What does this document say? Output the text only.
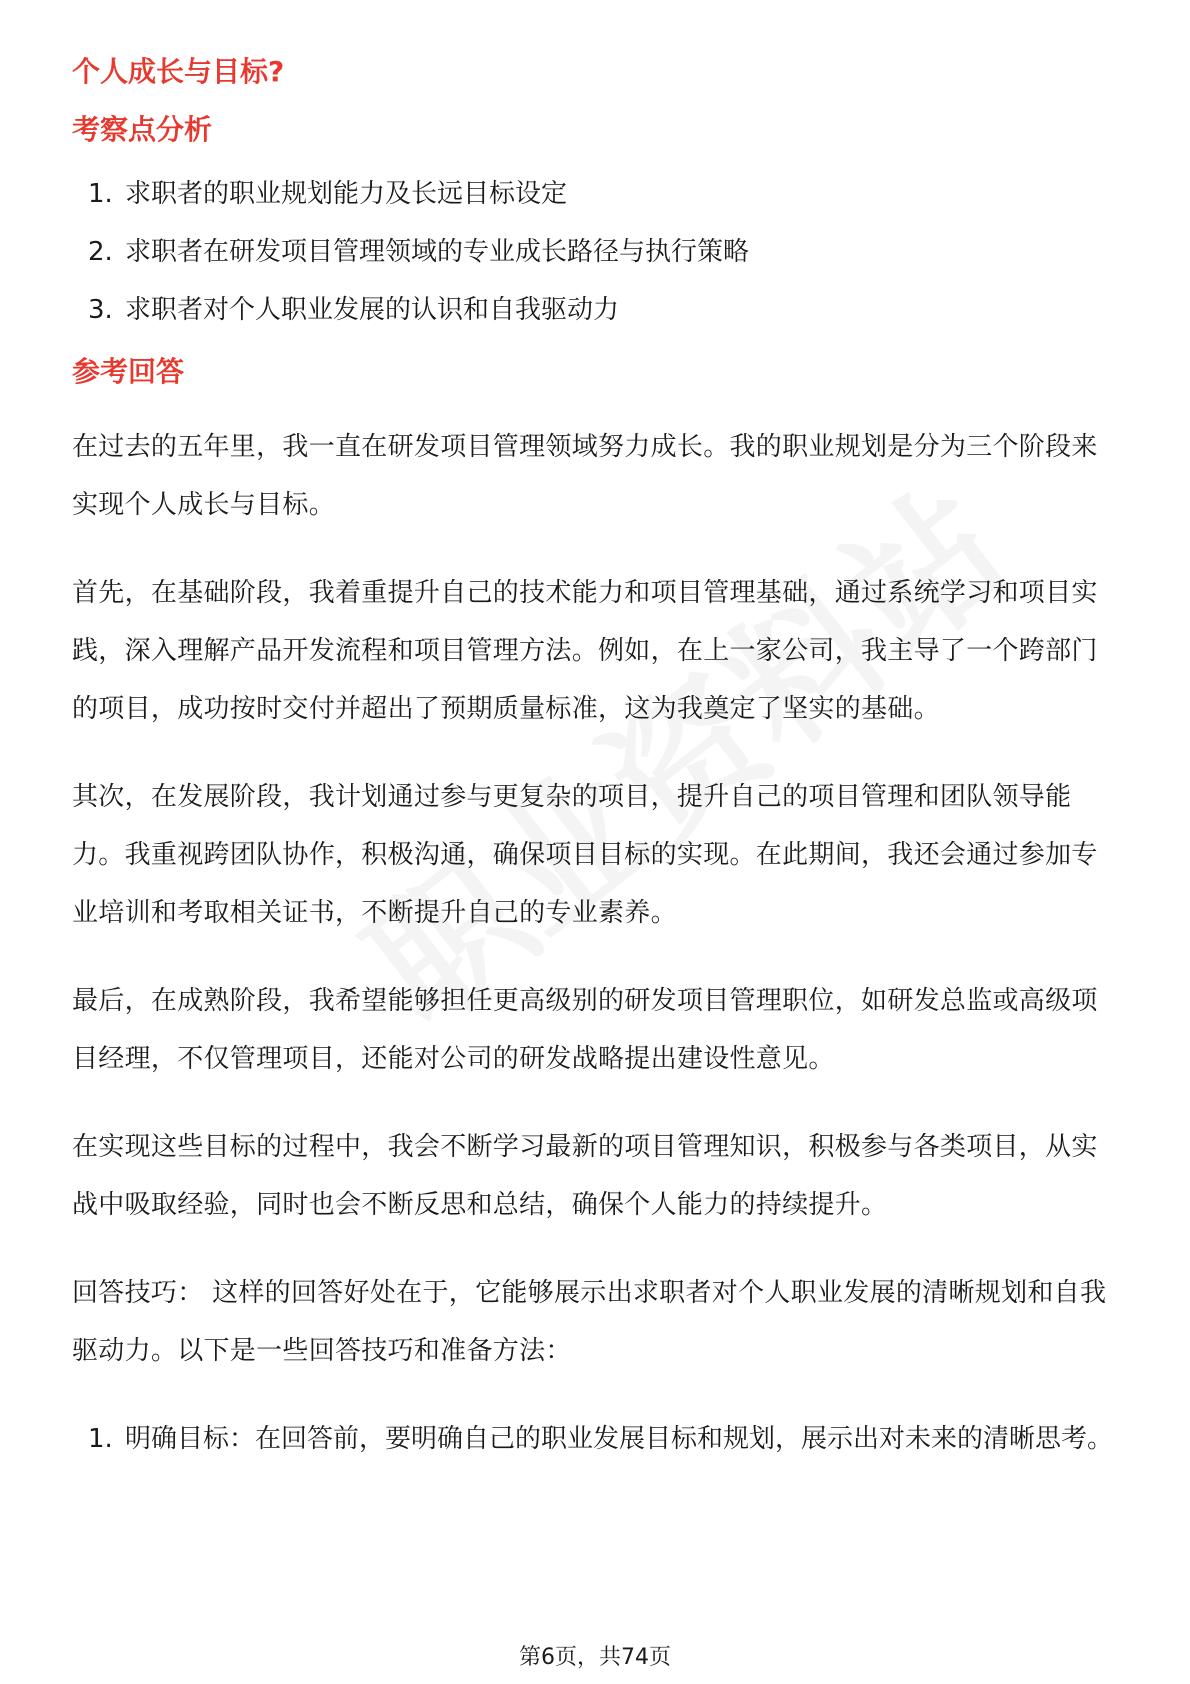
个人成长与目标?
考察点分析
1. 求职者的职业规划能力及长远目标设定
2. 求职者在研发项目管理领域的专业成长路径与执行策略
3. 求职者对个人职业发展的认识和自我驱动力
参考回答

在过去的五年里，我一直在研发项目管理领域努力成长。我的职业规划是分为三个阶段来实现个人成长与目标。

首先，在基础阶段，我着重提升自己的技术能力和项目管理基础，通过系统学习和项目实践，深入理解产品开发流程和项目管理方法。例如，在上一家公司，我主导了一个跨部门的项目，成功按时交付并超出了预期质量标准，这为我奠定了坚实的基础。

其次，在发展阶段，我计划通过参与更复杂的项目，提升自己的项目管理和团队领导能力。我重视跨团队协作，积极沟通，确保项目目标的实现。在此期间，我还会通过参加专业培训和考取相关证书，不断提升自己的专业素养。

最后，在成熟阶段，我希望能够担任更高级别的研发项目管理职位，如研发总监或高级项目经理，不仅管理项目，还能对公司的研发战略提出建设性意见。

在实现这些目标的过程中，我会不断学习最新的项目管理知识，积极参与各类项目，从实战中吸取经验，同时也会不断反思和总结，确保个人能力的持续提升。

回答技巧： 这样的回答好处在于，它能够展示出求职者对个人职业发展的清晰规划和自我驱动力。以下是一些回答技巧和准备方法：

1. 明确目标：在回答前，要明确自己的职业发展目标和规划，展示出对未来的清晰思考。
第6页，共74页
